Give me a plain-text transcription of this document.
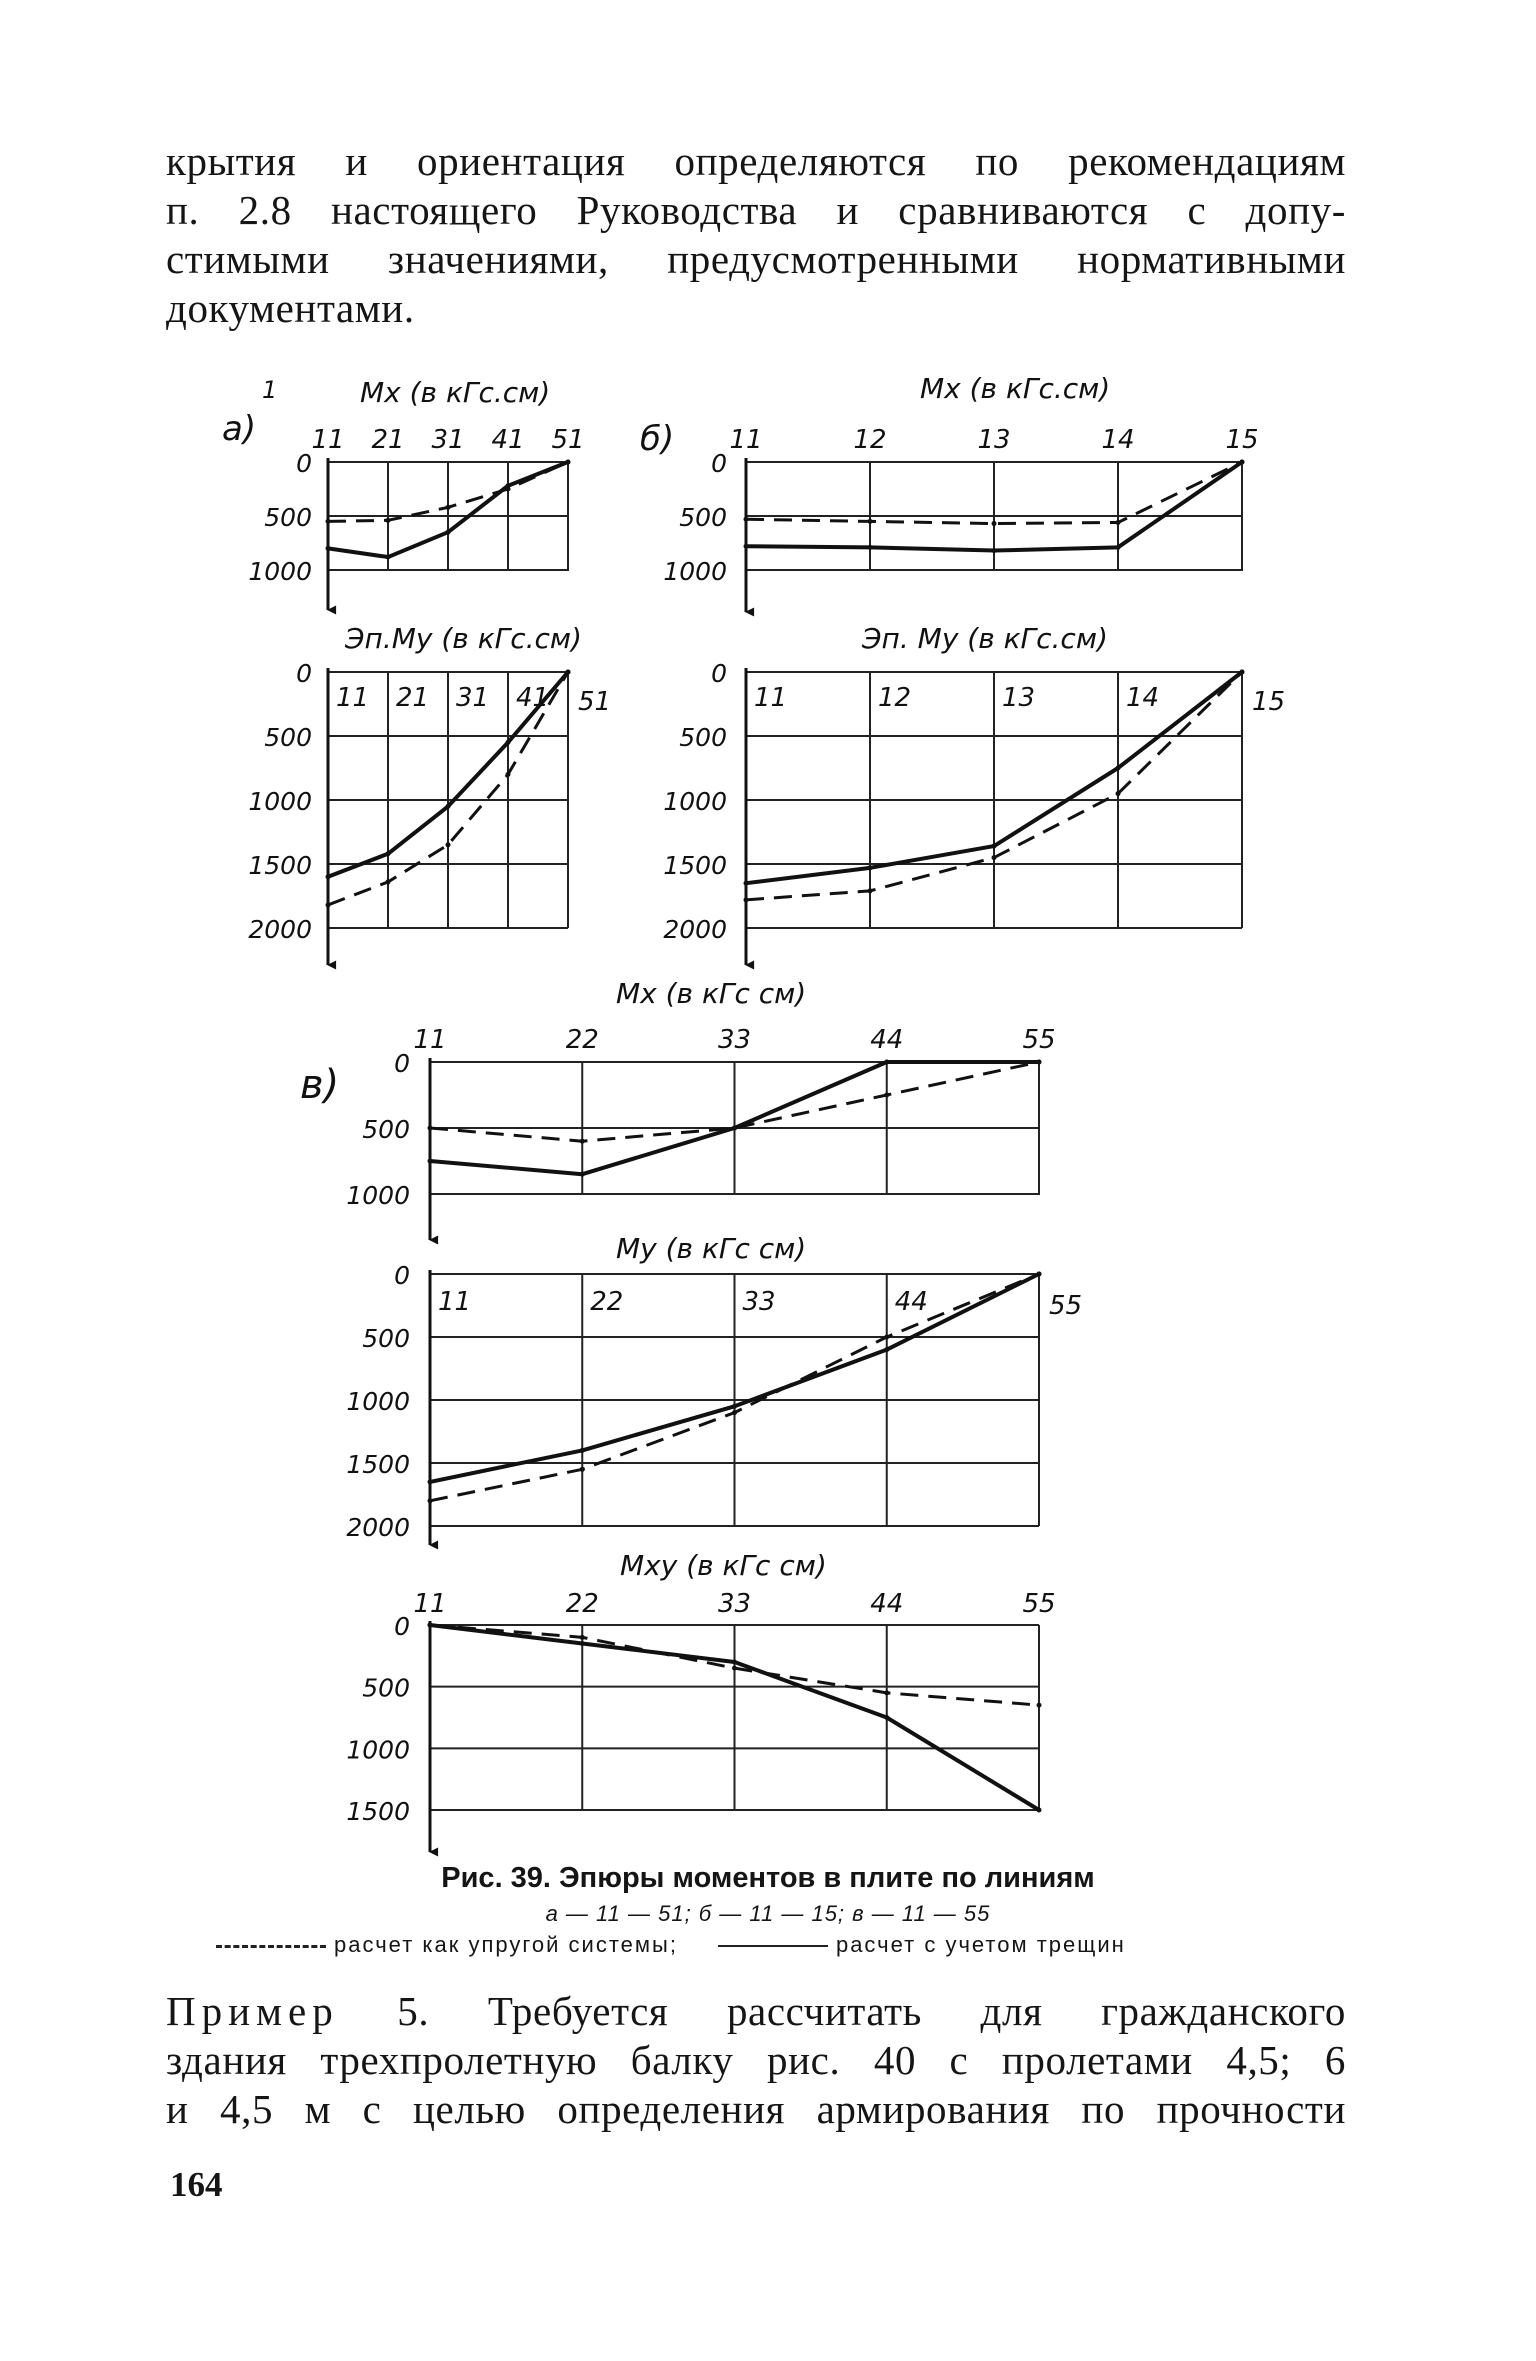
крытия и ориентация определяются по рекомендациям
п. 2.8 настоящего Руководства и сравниваются с допу-
стимыми значениями, предусмотренными нормативными
документами.
0
500
1000
11 21 31 41 51
Mx (в кГс.см)
0
500
1000
1500
2000
11 21 31 41 51
Эп.My (в кГс.см)
0
500
1000
11	12	13	14	15
Mx (в кГс.см)
0
500
1000
1500
2000
11	12	13	14	15
Эп. My (в кГс.см)
0
500
1000
11	22	33	44	55
Mx (в кГс см)
0
500
1000
1500
2000
11	22	33	44	55
My (в кГс см)
0
500
1000
1500
11	22	33	44	55
Mxy (в кГс см)
а)
1
б)
в)
Рис. 39. Эпюры моментов в плите по линиям
а — 11 — 51; б — 11 — 15; в — 11 — 55
расчет как упругой системы;	расчет с учетом трещин
Пример 5. Требуется рассчитать для гражданского
здания трехпролетную балку рис. 40 с пролетами 4,5; 6
и 4,5 м с целью определения армирования по прочности
164
